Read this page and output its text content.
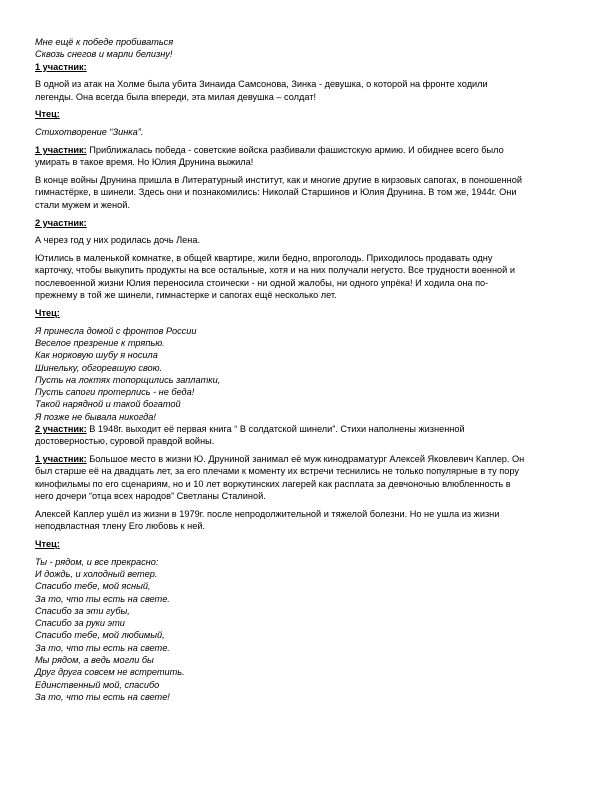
Мне ещё к победе пробиваться
Сквозь снегов и марли белизну!
1 участник:
В одной из атак на Холме была убита Зинаида Самсонова, Зинка - девушка, о которой на фронте ходили
легенды. Она всегда была впереди, эта милая девушка – солдат!
Чтец:
Стихотворение “Зинка”.
1 участник: Приближалась победа - советские войска разбивали фашистскую армию. И обиднее всего было
умирать в такое время. Но Юлия Друнина выжила!
В конце войны Друнина пришла в Литературный институт, как и многие другие в кирзовых сапогах, в поношенной
гимнастёрке, в шинели. Здесь они и познакомились: Николай Старшинов и Юлия Друнина. В том же, 1944г. Они
стали мужем и женой.
2 участник:
А через год у них родилась дочь Лена.
Ютились в маленькой комнатке, в общей квартире, жили бедно, впроголодь. Приходилось продавать одну
карточку, чтобы выкупить продукты на все остальные, хотя и на них получали негусто. Все трудности военной и
послевоенной жизни Юлия переносила стоически - ни одной жалобы, ни одного упрёка! И ходила она по-
прежнему в той же шинели, гимнастерке и сапогах ещё несколько лет.
Чтец:
Я принесла домой с фронтов России
Веселое презрение к тряпью.
Как норковую шубу я носила
Шинельку, обгоревшую свою.
Пусть на локтях топорщились заплатки,
Пусть сапоги протерлись - не беда!
Такой нарядной и такой богатой
Я позже не бывала никогда!
2 участник: В 1948г. выходит её первая книга “ В солдатской шинели”. Стихи наполнены жизненной
достоверностью, суровой правдой войны.
1 участник: Большое место в жизни Ю. Друниной занимал её муж кинодраматург Алексей Яковлевич Каплер. Он
был старше её на двадцать лет, за его плечами к моменту их встречи теснились не только популярные в ту пору
кинофильмы по его сценариям, но и 10 лет воркутинских лагерей как расплата за девчоночью влюбленность в
него дочери “отца всех народов” Светланы Сталиной.
Алексей Каплер ушёл из жизни в 1979г. после непродолжительной и тяжелой болезни. Но не ушла из жизни
неподвластная тлену Его любовь к ней.
Чтец:
Ты - рядом, и все прекрасно:
И дождь, и холодный ветер.
Спасибо тебе, мой ясный,
За то, что ты есть на свете.
Спасибо за эти губы,
Спасибо за руки эти
Спасибо тебе, мой любимый,
За то, что ты есть на свете.
Мы рядом, а ведь могли бы
Друг друга совсем не встретить.
Единственный мой, спасибо
За то, что ты есть на свете!
